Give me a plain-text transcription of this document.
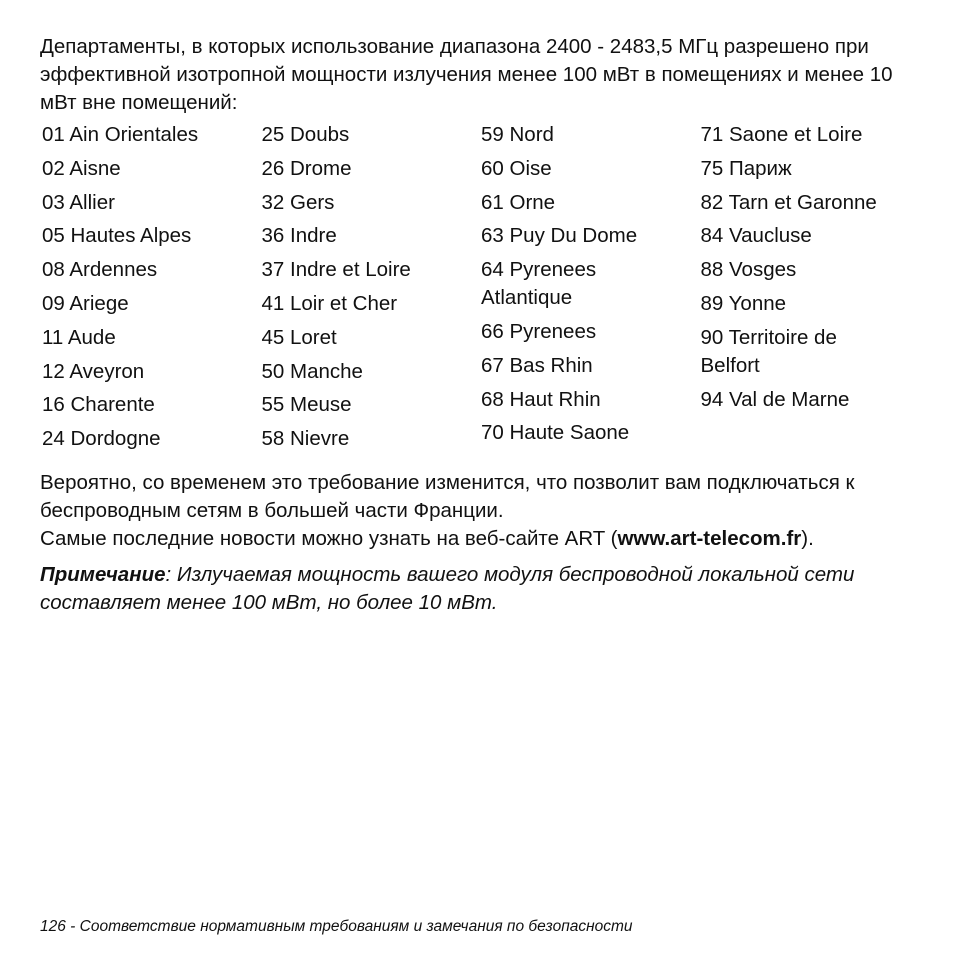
Департаменты, в которых использование диапазона 2400 - 2483,5 МГц разрешено при эффективной изотропной мощности излучения менее 100 мВт в помещениях и менее 10 мВт вне помещений:

01 Ain Orientales
02 Aisne
03 Allier
05 Hautes Alpes
08 Ardennes
09 Ariege
11 Aude
12 Aveyron
16 Charente
24 Dordogne
25 Doubs
26 Drome
32 Gers
36 Indre
37 Indre et Loire
41 Loir et Cher
45 Loret
50 Manche
55 Meuse
58 Nievre
59 Nord
60 Oise
61 Orne
63 Puy Du Dome
64 Pyrenees Atlantique
66 Pyrenees
67 Bas Rhin
68 Haut Rhin
70 Haute Saone
71 Saone et Loire
75 Париж
82 Tarn et Garonne
84 Vaucluse
88 Vosges
89 Yonne
90 Territoire de Belfort
94 Val de Marne

Вероятно, со временем это требование изменится, что позволит вам подключаться к беспроводным сетям в большей части Франции.

Самые последние новости можно узнать на веб-сайте ART (www.art-telecom.fr).

Примечание: Излучаемая мощность вашего модуля беспроводной локальной сети составляет менее 100 мВт, но более 10 мВт.

126 - Соответствие нормативным требованиям и замечания по безопасности
